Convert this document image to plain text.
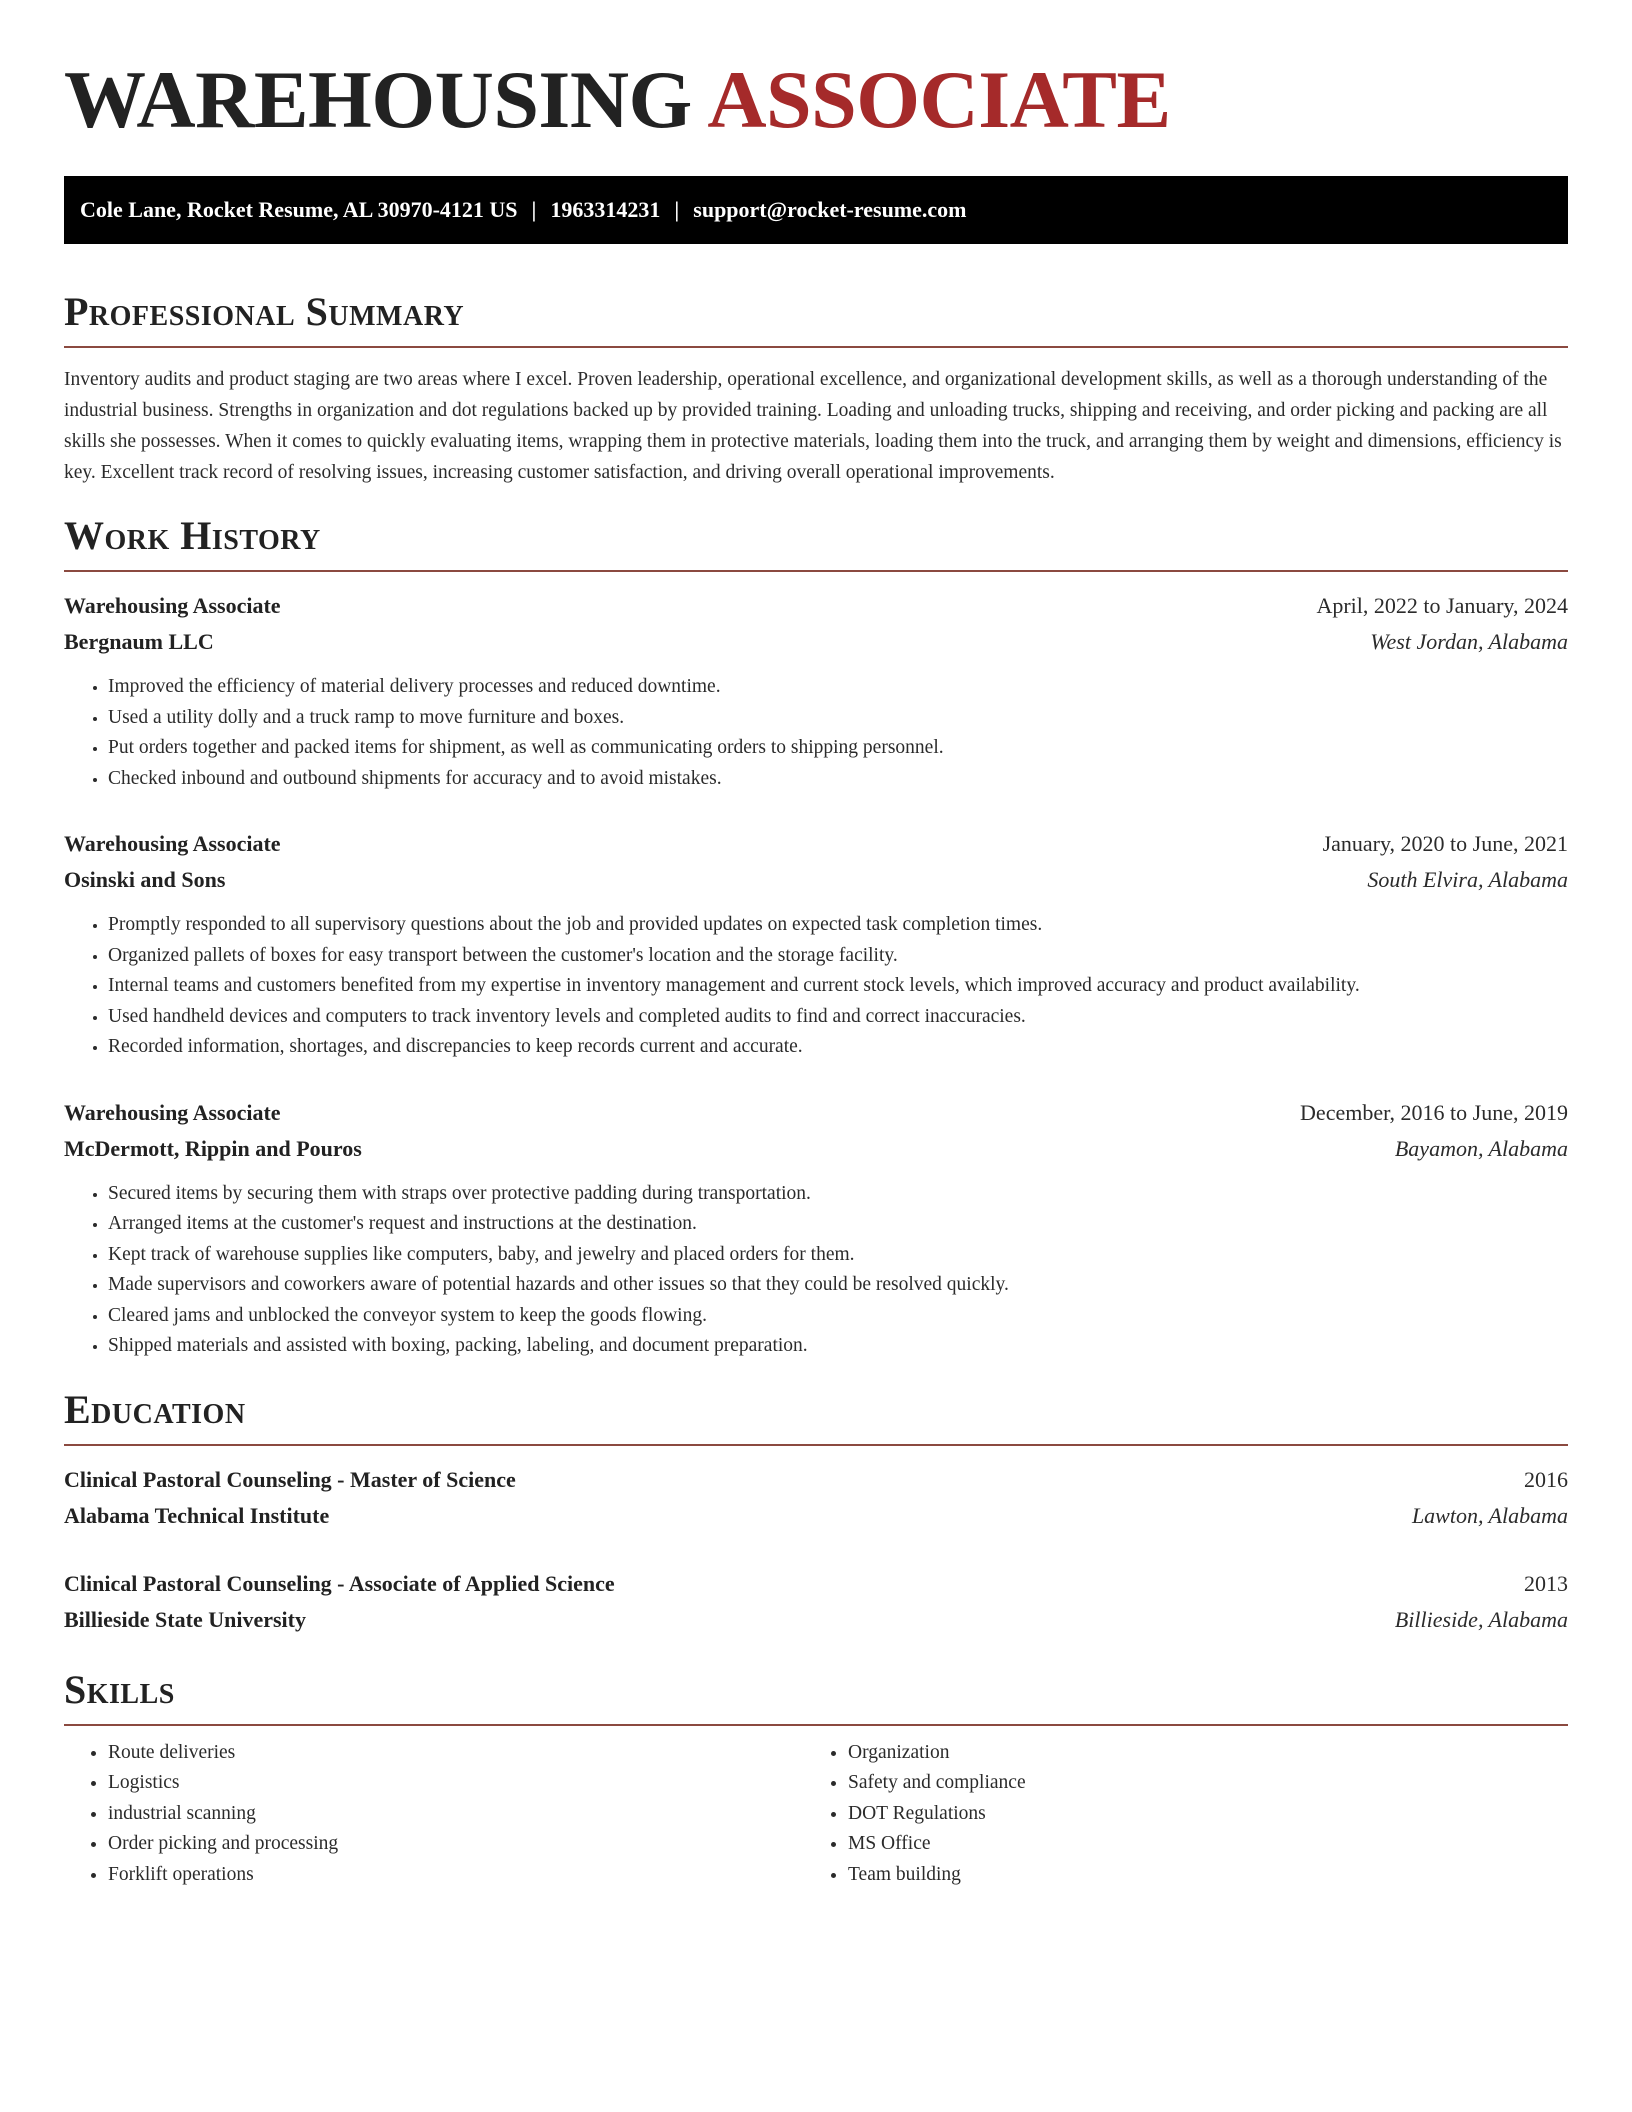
WAREHOUSING ASSOCIATE
Cole Lane, Rocket Resume, AL 30970-4121 US | 1963314231 | support@rocket-resume.com
Professional Summary

Inventory audits and product staging are two areas where I excel. Proven leadership, operational excellence, and organizational development skills, as well as a thorough understanding of the industrial business. Strengths in organization and dot regulations backed up by provided training. Loading and unloading trucks, shipping and receiving, and order picking and packing are all skills she possesses. When it comes to quickly evaluating items, wrapping them in protective materials, loading them into the truck, and arranging them by weight and dimensions, efficiency is key. Excellent track record of resolving issues, increasing customer satisfaction, and driving overall operational improvements.

Work History
Warehousing Associate	April, 2022 to January, 2024
Bergnaum LLC	West Jordan, Alabama
• Improved the efficiency of material delivery processes and reduced downtime.
• Used a utility dolly and a truck ramp to move furniture and boxes.
• Put orders together and packed items for shipment, as well as communicating orders to shipping personnel.
• Checked inbound and outbound shipments for accuracy and to avoid mistakes.
Warehousing Associate	January, 2020 to June, 2021
Osinski and Sons	South Elvira, Alabama
• Promptly responded to all supervisory questions about the job and provided updates on expected task completion times.
• Organized pallets of boxes for easy transport between the customer's location and the storage facility.
• Internal teams and customers benefited from my expertise in inventory management and current stock levels, which improved accuracy and product availability.
• Used handheld devices and computers to track inventory levels and completed audits to find and correct inaccuracies.
• Recorded information, shortages, and discrepancies to keep records current and accurate.
Warehousing Associate	December, 2016 to June, 2019
McDermott, Rippin and Pouros	Bayamon, Alabama
• Secured items by securing them with straps over protective padding during transportation.
• Arranged items at the customer's request and instructions at the destination.
• Kept track of warehouse supplies like computers, baby, and jewelry and placed orders for them.
• Made supervisors and coworkers aware of potential hazards and other issues so that they could be resolved quickly.
• Cleared jams and unblocked the conveyor system to keep the goods flowing.
• Shipped materials and assisted with boxing, packing, labeling, and document preparation.
Education
Clinical Pastoral Counseling - Master of Science	2016
Alabama Technical Institute	Lawton, Alabama
Clinical Pastoral Counseling - Associate of Applied Science	2013
Billieside State University	Billieside, Alabama
Skills
• Route deliveries
• Logistics
• industrial scanning
• Order picking and processing
• Forklift operations
• Organization
• Safety and compliance
• DOT Regulations
• MS Office
• Team building
